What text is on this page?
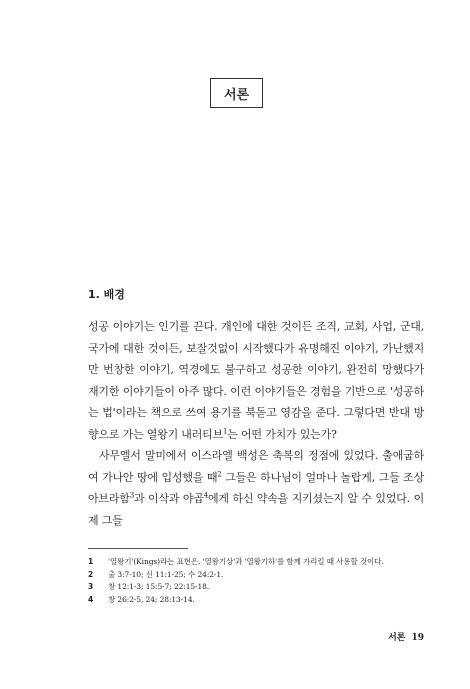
서론
1. 배경

성공 이야기는 인기를 끈다. 개인에 대한 것이든 조직, 교회, 사업, 군대, 국가에 대한 것이든, 보잘것없이 시작했다가 유명해진 이야기, 가난했지만 번창한 이야기, 역경에도 불구하고 성공한 이야기, 완전히 망했다가 재기한 이야기들이 아주 많다. 이런 이야기들은 경험을 기반으로 '성공하는 법'이라는 책으로 쓰여 용기를 북돋고 영감을 준다. 그렇다면 반대 방향으로 가는 열왕기 내러티브$^1$는 어떤 가치가 있는가?

사무엘서 말미에서 이스라엘 백성은 축복의 정점에 있었다. 출애굽하여 가나안 땅에 입성했을 때$^2$ 그들은 하나님이 얼마나 놀랍게, 그들 조상 아브라함$^3$과 이삭과 야곱$^4$에게 하신 약속을 지키셨는지 알 수 있었다. 이제 그들

1	'열왕기'(Kings)라는 표현은, '열왕기상'과 '열왕기하'를 함께 가리킬 때 사용할 것이다.
2	출 3:7-10; 신 11:1-25; 수 24:2-1.
3	창 12:1-3; 15:5-7; 22:15-18.
4	창 26:2-5, 24; 28:13-14.
서론 19
